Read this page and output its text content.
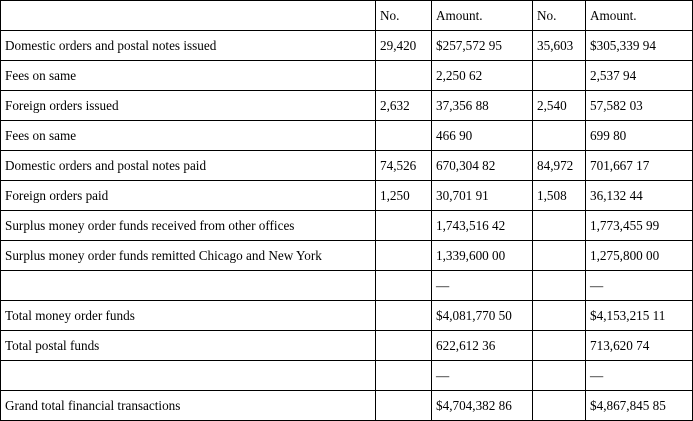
	No.	Amount.	No.	Amount.
Domestic orders and postal notes issued	29,420	$257,572 95	35,603	$305,339 94
Fees on same		2,250 62		2,537 94
Foreign orders issued	2,632	37,356 88	2,540	57,582 03
Fees on same		466 90		699 80
Domestic orders and postal notes paid	74,526	670,304 82	84,972	701,667 17
Foreign orders paid	1,250	30,701 91	1,508	36,132 44
Surplus money order funds received from other offices		1,743,516 42		1,773,455 99
Surplus money order funds remitted Chicago and New York		1,339,600 00		1,275,800 00
		—		—
Total money order funds		$4,081,770 50		$4,153,215 11
Total postal funds		622,612 36		713,620 74
		—		—
Grand total financial transactions		$4,704,382 86		$4,867,845 85
